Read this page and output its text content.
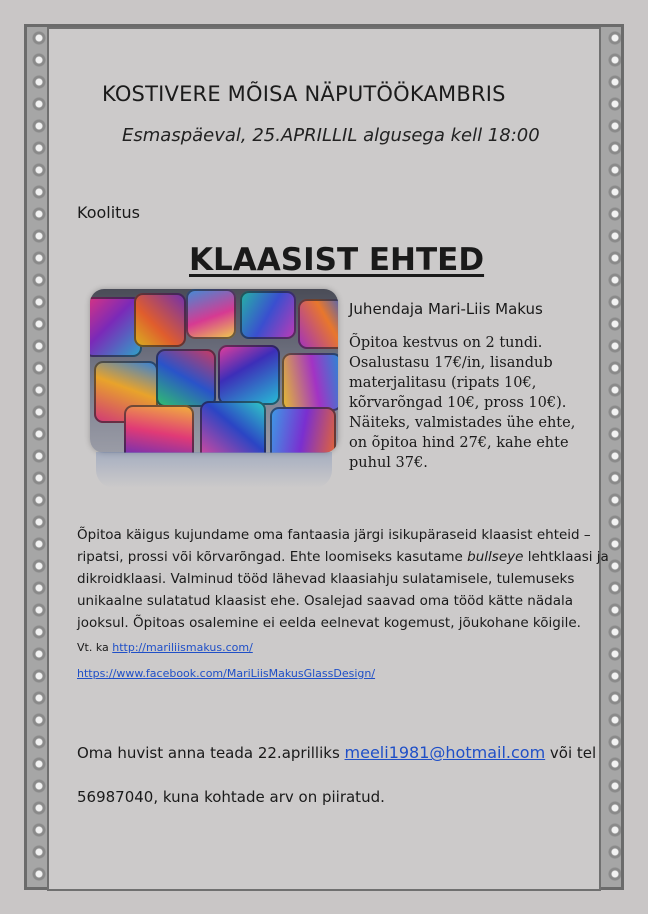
KOSTIVERE MÕISA NÄPUTÖÖKAMBRIS
Esmaspäeval, 25.APRILLIL algusega kell 18:00
Koolitus
KLAASIST EHTED
Juhendaja Mari-Liis Makus
Õpitoa kestvus on 2 tundi.
Osalustasu 17€/in, lisandub
materjalitasu (ripats 10€,
kõrvarõngad 10€, pross 10€).
Näiteks, valmistades ühe ehte,
on õpitoa hind 27€, kahe ehte
puhul 37€.
Õpitoa käigus kujundame oma fantaasia järgi isikupäraseid klaasist ehteid –
ripatsi, prossi või kõrvarõngad. Ehte loomiseks kasutame bullseye lehtklaasi ja
dikroidklaasi. Valminud tööd lähevad klaasiahju sulatamisele, tulemuseks
unikaalne sulatatud klaasist ehe. Osalejad saavad oma tööd kätte nädala
jooksul. Õpitoas osalemine ei eelda eelnevat kogemust, jõukohane kõigile.
Vt. ka http://mariliismakus.com/
https://www.facebook.com/MariLiisMakusGlassDesign/
Oma huvist anna teada 22.aprilliks meeli1981@hotmail.com või tel
56987040, kuna kohtade arv on piiratud.
